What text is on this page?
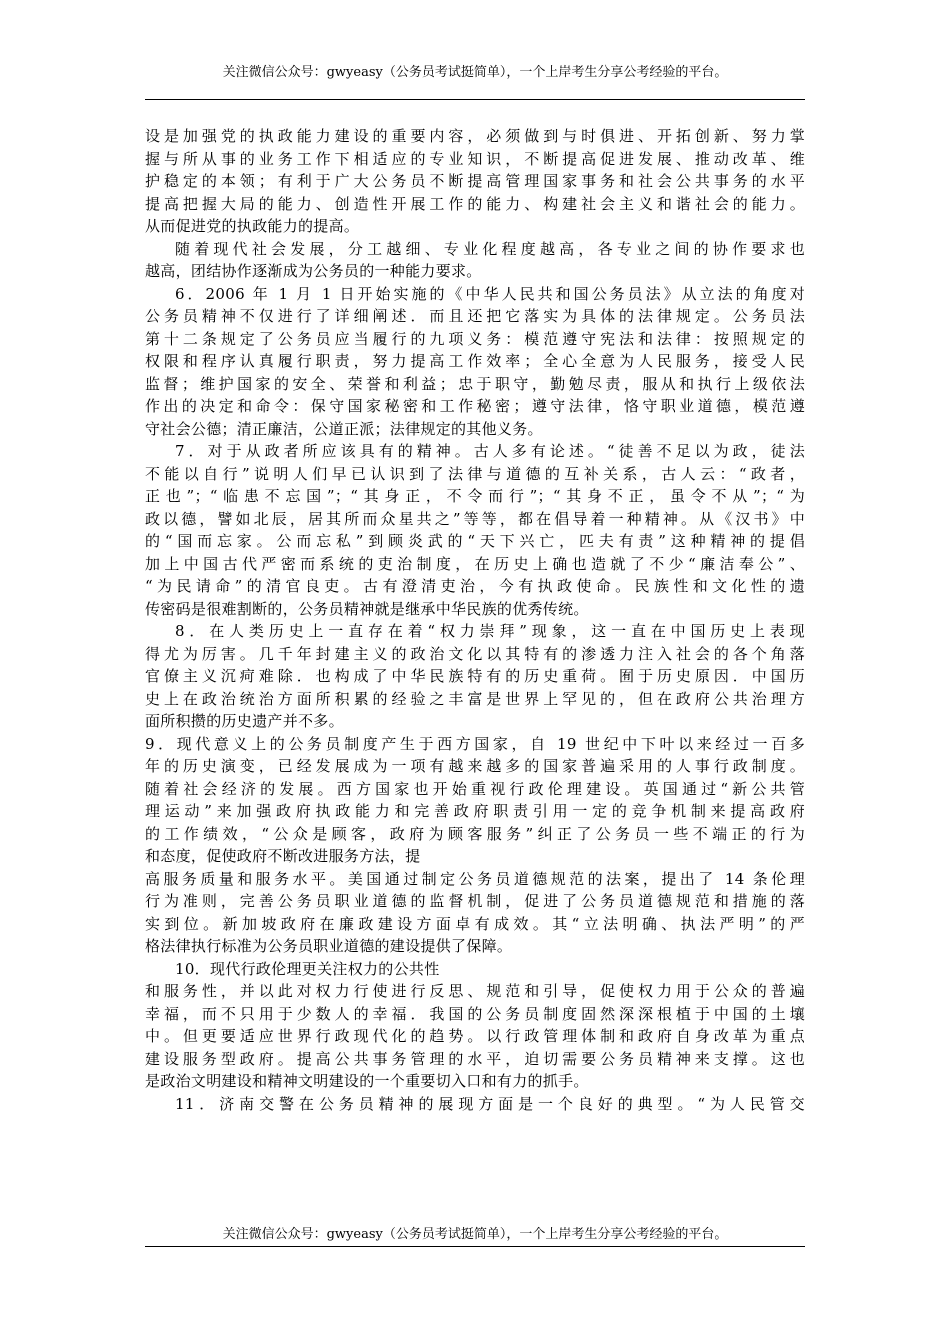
关注微信公众号：gwyeasy（公务员考试挺简单），一个上岸考生分享公考经验的平台。
设是加强党的执政能力建设的重要内容，必须做到与时俱进、开拓创新、努力掌
握与所从事的业务工作下相适应的专业知识，不断提高促进发展、推动改革、维
护稳定的本领；有利于广大公务员不断提高管理国家事务和社会公共事务的水平
提高把握大局的能力、创造性开展工作的能力、构建社会主义和谐社会的能力。
从而促进党的执政能力的提高。
随着现代社会发展，分工越细、专业化程度越高，各专业之间的协作要求也
越高，团结协作逐渐成为公务员的一种能力要求。
6．2006 年 1 月 1 日开始实施的《中华人民共和国公务员法》从立法的角度对
公务员精神不仅进行了详细阐述．而且还把它落实为具体的法律规定。公务员法
第十二条规定了公务员应当履行的九项义务：模范遵守宪法和法律：按照规定的
权限和程序认真履行职责，努力提高工作效率；全心全意为人民服务，接受人民
监督；维护国家的安全、荣誉和利益；忠于职守，勤勉尽责，服从和执行上级依法
作出的决定和命令：保守国家秘密和工作秘密；遵守法律，恪守职业道德，模范遵
守社会公德；清正廉洁，公道正派；法律规定的其他义务。
7．对于从政者所应该具有的精神。古人多有论述。“徒善不足以为政，徒法
不能以自行”说明人们早已认识到了法律与道德的互补关系，古人云：“政者，
正也”；“临患不忘国”；“其身正，不令而行”；“其身不正，虽令不从”；“为
政以德，譬如北辰，居其所而众星共之”等等，都在倡导着一种精神。从《汉书》中
的“国而忘家。公而忘私”到顾炎武的“天下兴亡，匹夫有责”这种精神的提倡
加上中国古代严密而系统的吏治制度，在历史上确也造就了不少“廉洁奉公”、
“为民请命”的清官良吏。古有澄清吏治，今有执政使命。民族性和文化性的遗
传密码是很难割断的，公务员精神就是继承中华民族的优秀传统。
8．在人类历史上一直存在着“权力崇拜”现象，这一直在中国历史上表现
得尤为厉害。几千年封建主义的政治文化以其特有的渗透力注入社会的各个角落
官僚主义沉疴难除．也构成了中华民族特有的历史重荷。囿于历史原因．中国历
史上在政治统治方面所积累的经验之丰富是世界上罕见的，但在政府公共治理方
面所积攒的历史遗产并不多。
9．现代意义上的公务员制度产生于西方国家，自 19 世纪中下叶以来经过一百多
年的历史演变，已经发展成为一项有越来越多的国家普遍采用的人事行政制度。
随着社会经济的发展。西方国家也开始重视行政伦理建设。英国通过“新公共管
理运动”来加强政府执政能力和完善政府职责引用一定的竞争机制来提高政府
的工作绩效，“公众是顾客，政府为顾客服务”纠正了公务员一些不端正的行为
和态度，促使政府不断改进服务方法，提
高服务质量和服务水平。美国通过制定公务员道德规范的法案，提出了 14 条伦理
行为准则，完善公务员职业道德的监督机制，促进了公务员道德规范和措施的落
实到位。新加坡政府在廉政建设方面卓有成效。其“立法明确、执法严明”的严
格法律执行标准为公务员职业道德的建设提供了保障。
10．现代行政伦理更关注权力的公共性
和服务性，并以此对权力行使进行反思、规范和引导，促使权力用于公众的普遍
幸福，而不只用于少数人的幸福．我国的公务员制度固然深深根植于中国的土壤
中。但更要适应世界行政现代化的趋势。以行政管理体制和政府自身改革为重点
建设服务型政府。提高公共事务管理的水平，迫切需要公务员精神来支撑。这也
是政治文明建设和精神文明建设的一个重要切入口和有力的抓手。
11．济南交警在公务员精神的展现方面是一个良好的典型。“为人民管交
关注微信公众号：gwyeasy（公务员考试挺简单），一个上岸考生分享公考经验的平台。
